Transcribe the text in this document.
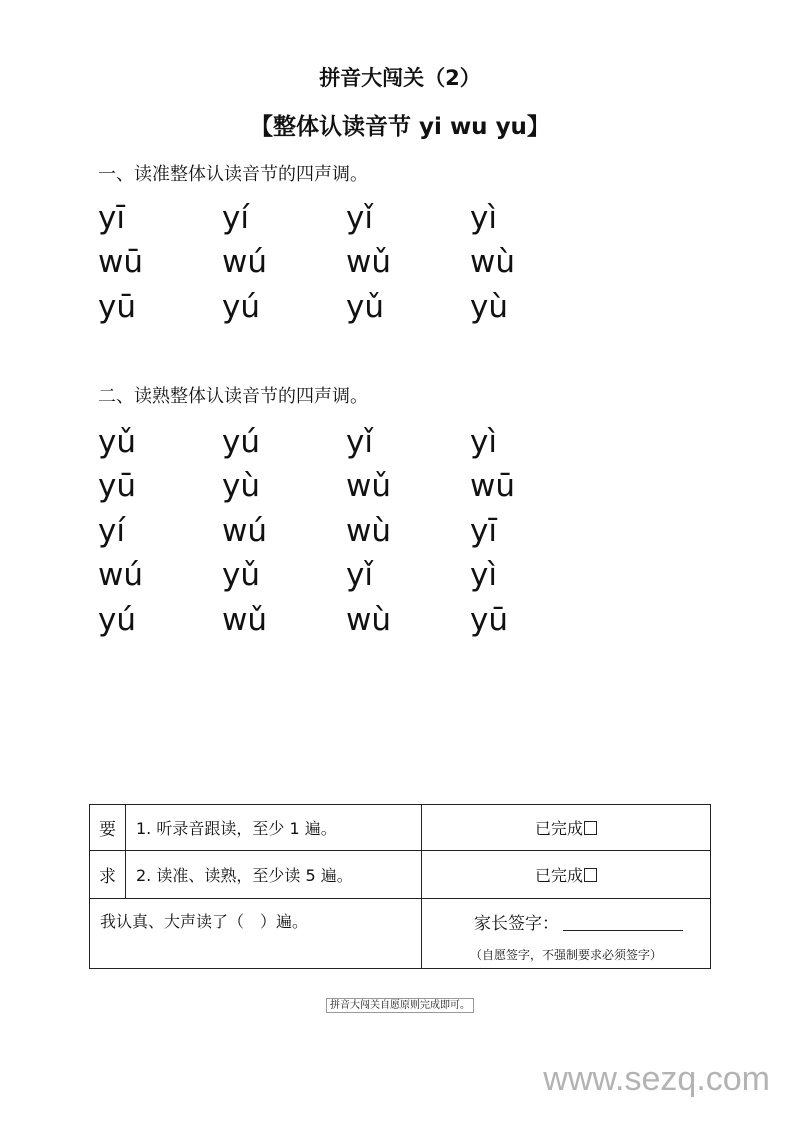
拼音大闯关（2）
【整体认读音节 yi wu yu】
一、读准整体认读音节的四声调。
yī	yí	yǐ	yì
wū	wú	wǔ	wù
yū	yú	yǔ	yù
二、读熟整体认读音节的四声调。
yǔ	yú	yǐ	yì
yū	yù	wǔ	wū
yí	wú	wù	yī
wú	yǔ	yǐ	yì
yú	wǔ	wù	yū
要	1. 听录音跟读，至少 1 遍。	已完成
求	2. 读准、读熟，至少读 5 遍。	已完成
我认真、大声读了（　）遍。		家长签字：
（自愿签字，不强制要求必须签字）
拼音大闯关自愿原则完成即可。
www.sezq.com
